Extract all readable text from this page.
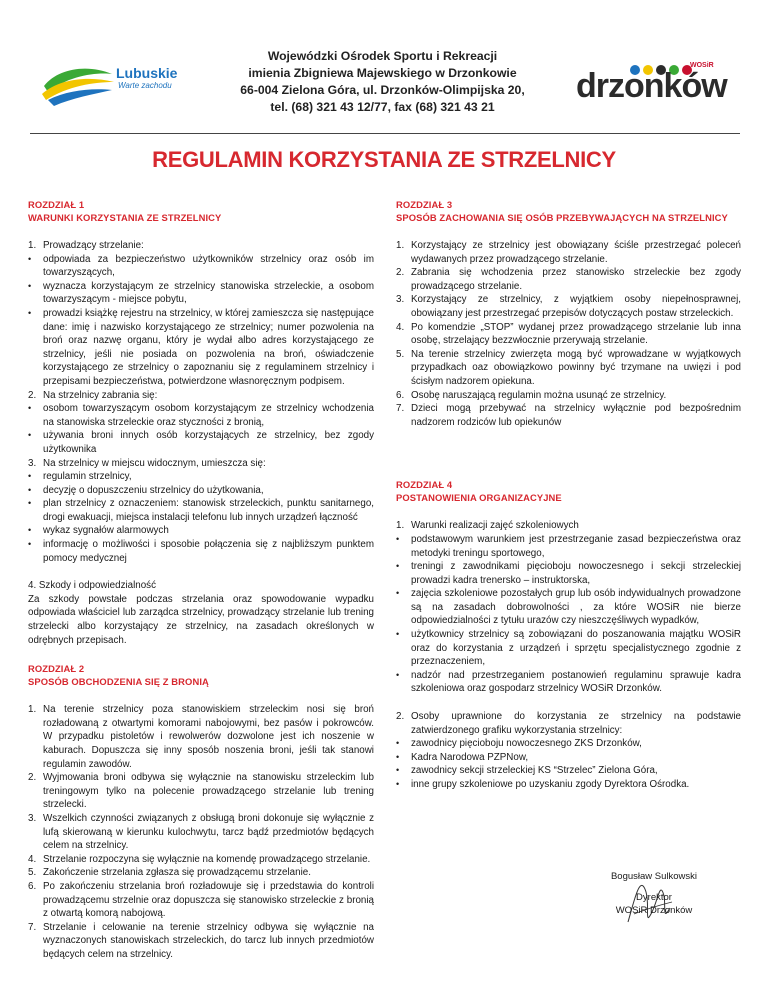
Lubuskie
Warte zachodu
Wojewódzki Ośrodek Sportu i Rekreacji
imienia Zbigniewa Majewskiego w Drzonkowie
66-004 Zielona Góra, ul. Drzonków-Olimpijska 20,
tel. (68) 321 43 12/77, fax (68) 321 43 21
WOSiR
drzonków
REGULAMIN KORZYSTANIA ZE STRZELNICY
ROZDZIAŁ 1
WARUNKI KORZYSTANIA ZE STRZELNICY
1. Prowadzący strzelanie:
•	odpowiada za bezpieczeństwo użytkowników strzelnicy oraz osób im towarzyszących,
•	wyznacza korzystającym ze strzelnicy stanowiska strzeleckie, a osobom towarzyszącym - miejsce pobytu,
•	prowadzi książkę rejestru na strzelnicy, w której zamieszcza się następujące dane: imię i nazwisko korzystającego ze strzelnicy; numer pozwolenia na broń oraz nazwę organu, który je wydał albo adres korzystającego ze strzelnicy, jeśli nie posiada on pozwolenia na broń, oświadczenie korzystającego ze strzelnicy o zapoznaniu się z regulaminem strzelnicy i przepisami bezpieczeństwa, potwierdzone własnoręcznym podpisem.
2. Na strzelnicy zabrania się:
•	osobom towarzyszącym osobom korzystającym ze strzelnicy wchodzenia na stanowiska strzeleckie oraz styczności z bronią,
•	używania broni innych osób korzystających ze strzelnicy, bez zgody użytkownika
3. Na strzelnicy w miejscu widocznym, umieszcza się:
•	regulamin strzelnicy,
•	decyzję o dopuszczeniu strzelnicy do użytkowania,
•	plan strzelnicy z oznaczeniem: stanowisk strzeleckich, punktu sanitarnego, drogi ewakuacji, miejsca instalacji telefonu lub innych urządzeń łączność
•	wykaz sygnałów alarmowych
•	informację o możliwości i sposobie połączenia się z najbliższym punktem pomocy medycznej

4. Szkody i odpowiedzialność

Za szkody powstałe podczas strzelania oraz spowodowanie wypadku odpowiada właściciel lub zarządca strzelnicy, prowadzący strzelanie lub trening strzelecki albo korzystający ze strzelnicy, na zasadach określonych w odrębnych przepisach.

ROZDZIAŁ 2
SPOSÓB OBCHODZENIA SIĘ Z BRONIĄ
1. Na terenie strzelnicy poza stanowiskiem strzeleckim nosi się broń rozładowaną z otwartymi komorami nabojowymi, bez pasów i pokrowców. W przypadku pistoletów i rewolwerów dozwolone jest ich noszenie w kaburach. Dopuszcza się inny sposób noszenia broni, jeśli tak stanowi regulamin zawodów.
2. Wyjmowania broni odbywa się wyłącznie na stanowisku strzeleckim lub treningowym tylko na polecenie prowadzącego strzelanie lub trening strzelecki.
3. Wszelkich czynności związanych z obsługą broni dokonuje się wyłącznie z lufą skierowaną w kierunku kulochwytu, tarcz bądź przedmiotów będących celem na strzelnicy.
4. Strzelanie rozpoczyna się wyłącznie na komendę prowadzącego strzelanie.
5. Zakończenie strzelania zgłasza się prowadzącemu strzelanie.
6. Po zakończeniu strzelania broń rozładowuje się i przedstawia do kontroli prowadzącemu strzelnie oraz dopuszcza się stanowisko strzeleckie z bronią z otwartą komorą nabojową.
7. Strzelanie i celowanie na terenie strzelnicy odbywa się wyłącznie na wyznaczonych stanowiskach strzeleckich, do tarcz lub innych przedmiotów będących celem na strzelnicy.
ROZDZIAŁ 3
SPOSÓB ZACHOWANIA SIĘ OSÓB PRZEBYWAJĄCYCH NA STRZELNICY
1. Korzystający ze strzelnicy jest obowiązany ściśle przestrzegać poleceń wydawanych przez prowadzącego strzelanie.
2. Zabrania się wchodzenia przez stanowisko strzeleckie bez zgody prowadzącego strzelanie.
3. Korzystający ze strzelnicy, z wyjątkiem osoby niepełnosprawnej, obowiązany jest przestrzegać przepisów dotyczących postaw strzeleckich.
4. Po komendzie „STOP” wydanej przez prowadzącego strzelanie lub inna osobę, strzelający bezzwłocznie przerywają strzelanie.
5. Na terenie strzelnicy zwierzęta mogą być wprowadzane w wyjątkowych przypadkach oaz obowiązkowo powinny być trzymane na uwięzi i pod ścisłym nadzorem opiekuna.
6. Osobę naruszającą regulamin można usunąć ze strzelnicy.
7. Dzieci mogą przebywać na strzelnicy wyłącznie pod bezpośrednim nadzorem rodziców lub opiekunów
ROZDZIAŁ 4
POSTANOWIENIA ORGANIZACYJNE
1. Warunki realizacji zajęć szkoleniowych
•	podstawowym warunkiem jest przestrzeganie zasad bezpieczeństwa oraz metodyki treningu sportowego,
•	treningi z zawodnikami pięcioboju nowoczesnego i sekcji strzeleckiej prowadzi kadra trenersko – instruktorska,
•	zajęcia szkoleniowe pozostałych grup lub osób indywidualnych prowadzone są na zasadach dobrowolności , za które WOSiR nie bierze odpowiedzialności z tytułu urazów czy nieszczęśliwych wypadków,
•	użytkownicy strzelnicy są zobowiązani do poszanowania majątku WOSiR oraz do korzystania z urządzeń i sprzętu specjalistycznego zgodnie z przeznaczeniem,
•	nadzór nad przestrzeganiem postanowień regulaminu sprawuje kadra szkoleniowa oraz gospodarz strzelnicy WOSiR Drzonków.
2. Osoby uprawnione do korzystania ze strzelnicy na podstawie zatwierdzonego grafiku wykorzystania strzelnicy:
•	zawodnicy pięcioboju nowoczesnego ZKS Drzonków,
•	Kadra Narodowa PZPNow,
•	zawodnicy sekcji strzeleckiej KS “Strzelec” Zielona Góra,
•	inne grupy szkoleniowe po uzyskaniu zgody Dyrektora Ośrodka.
Bogusław Sulkowski
Dyrektor
WOSiR Drzonków
